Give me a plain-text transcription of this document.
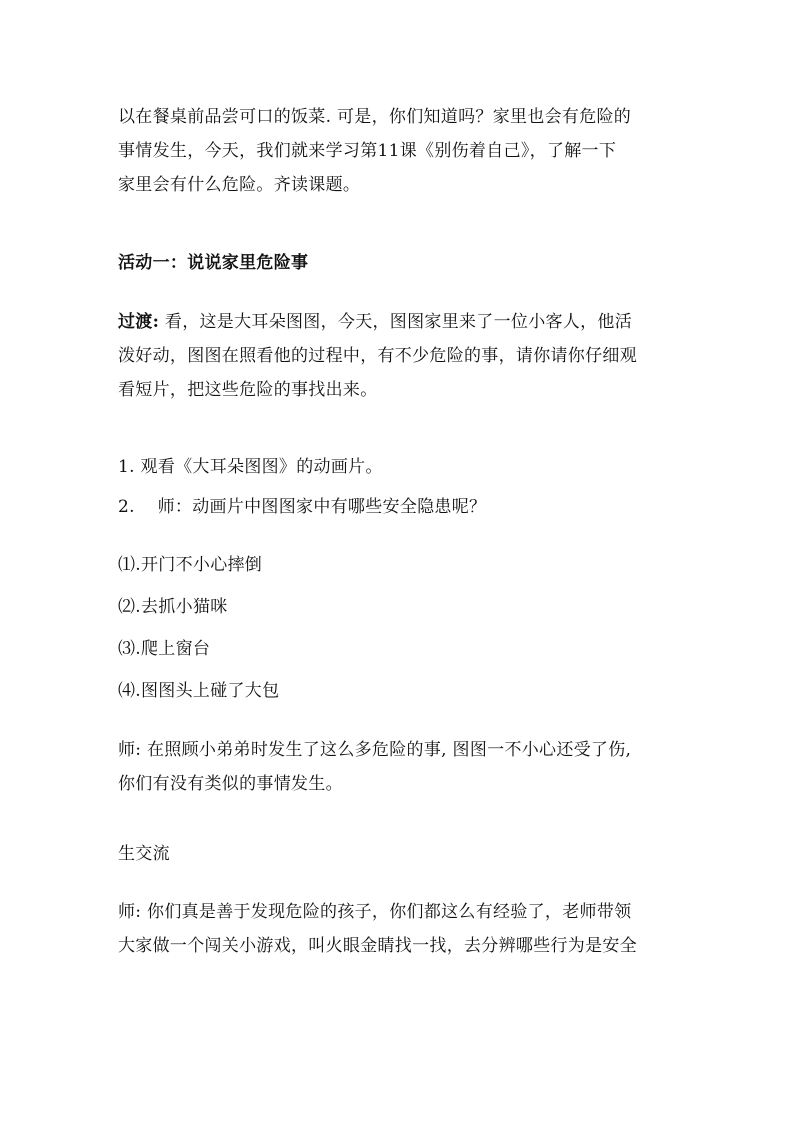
以在餐桌前品尝可口的饭菜. 可是，你们知道吗？家里也会有危险的
事情发生，今天，我们就来学习第11课《别伤着自己》，了解一下
家里会有什么危险。齐读课题。
活动一：说说家里危险事
过渡: 看，这是大耳朵图图，今天，图图家里来了一位小客人，他活
泼好动，图图在照看他的过程中，有不少危险的事，请你请你仔细观
看短片，把这些危险的事找出来。
1. 观看《大耳朵图图》的动画片。
2.    师：动画片中图图家中有哪些安全隐患呢？
⑴.开门不小心摔倒
⑵.去抓小猫咪
⑶.爬上窗台
⑷.图图头上碰了大包
师: 在照顾小弟弟时发生了这么多危险的事, 图图一不小心还受了伤,
你们有没有类似的事情发生。
生交流
师: 你们真是善于发现危险的孩子，你们都这么有经验了，老师带领
大家做一个闯关小游戏，叫火眼金睛找一找，去分辨哪些行为是安全
